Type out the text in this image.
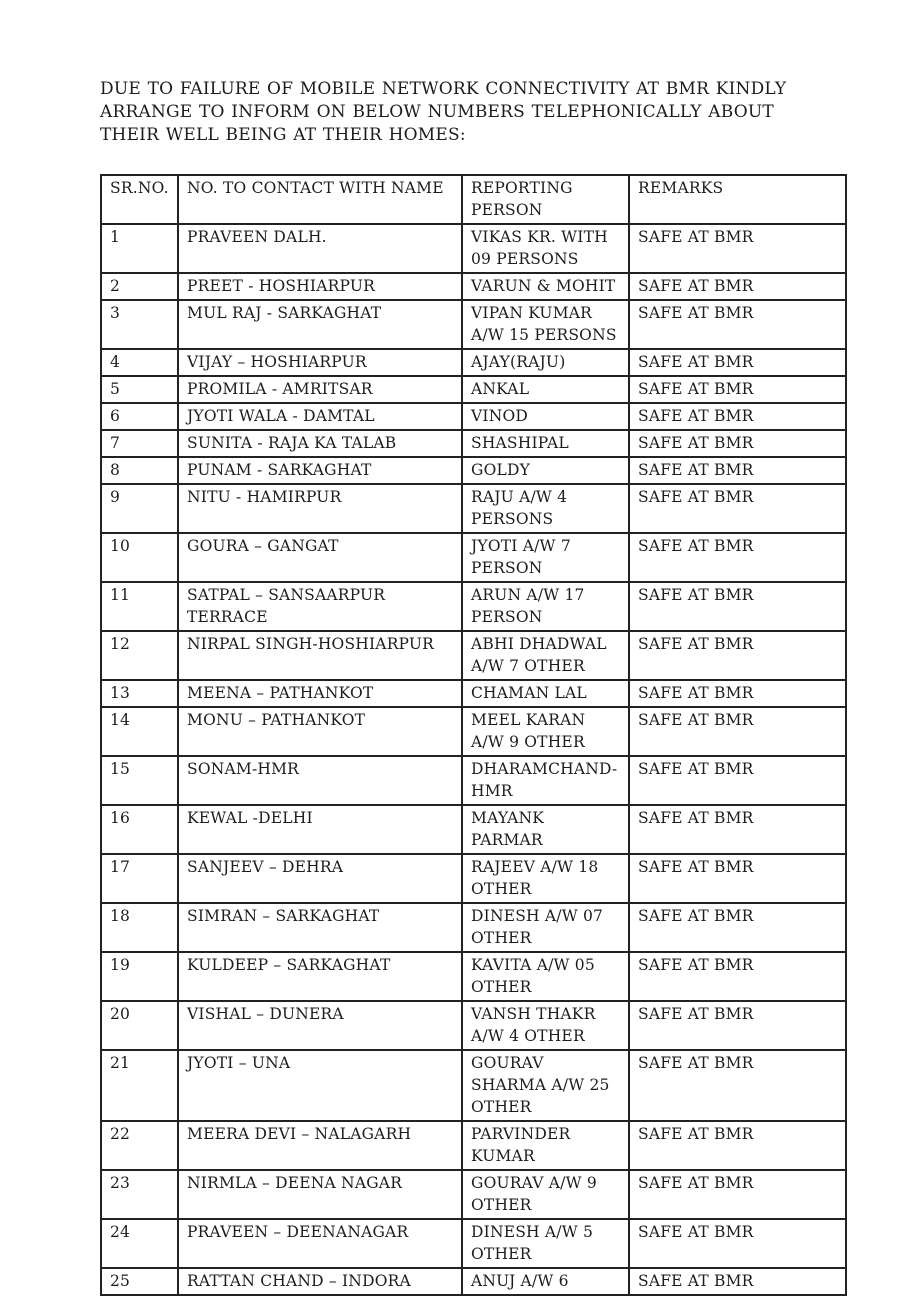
DUE TO FAILURE OF MOBILE NETWORK CONNECTIVITY AT BMR KINDLY ARRANGE TO INFORM ON BELOW NUMBERS TELEPHONICALLY ABOUT THEIR WELL BEING AT THEIR HOMES:

SR.NO.	NO. TO CONTACT WITH NAME	REPORTING PERSON	REMARKS
1	PRAVEEN DALH.	VIKAS KR. WITH 09 PERSONS	SAFE AT BMR
2	PREET - HOSHIARPUR	VARUN & MOHIT	SAFE AT BMR
3	MUL RAJ - SARKAGHAT	VIPAN KUMAR A/W 15 PERSONS	SAFE AT BMR
4	VIJAY – HOSHIARPUR	AJAY(RAJU)	SAFE AT BMR
5	PROMILA - AMRITSAR	ANKAL	SAFE AT BMR
6	JYOTI WALA - DAMTAL	VINOD	SAFE AT BMR
7	SUNITA - RAJA KA TALAB	SHASHIPAL	SAFE AT BMR
8	PUNAM - SARKAGHAT	GOLDY	SAFE AT BMR
9	NITU - HAMIRPUR	RAJU A/W 4 PERSONS	SAFE AT BMR
10	GOURA – GANGAT	JYOTI A/W 7 PERSON	SAFE AT BMR
11	SATPAL – SANSAARPUR TERRACE	ARUN A/W 17 PERSON	SAFE AT BMR
12	NIRPAL SINGH-HOSHIARPUR	ABHI DHADWAL A/W 7 OTHER	SAFE AT BMR
13	MEENA – PATHANKOT	CHAMAN LAL	SAFE AT BMR
14	MONU – PATHANKOT	MEEL KARAN A/W 9 OTHER	SAFE AT BMR
15	SONAM-HMR	DHARAMCHAND-HMR	SAFE AT BMR
16	KEWAL -DELHI	MAYANK PARMAR	SAFE AT BMR
17	SANJEEV – DEHRA	RAJEEV A/W 18 OTHER	SAFE AT BMR
18	SIMRAN – SARKAGHAT	DINESH A/W 07 OTHER	SAFE AT BMR
19	KULDEEP – SARKAGHAT	KAVITA A/W 05 OTHER	SAFE AT BMR
20	VISHAL – DUNERA	VANSH THAKR A/W 4 OTHER	SAFE AT BMR
21	JYOTI – UNA	GOURAV SHARMA A/W 25 OTHER	SAFE AT BMR
22	MEERA DEVI – NALAGARH	PARVINDER KUMAR	SAFE AT BMR
23	NIRMLA – DEENA NAGAR	GOURAV A/W 9 OTHER	SAFE AT BMR
24	PRAVEEN – DEENANAGAR	DINESH A/W 5 OTHER	SAFE AT BMR
25	RATTAN CHAND – INDORA	ANUJ A/W 6	SAFE AT BMR
